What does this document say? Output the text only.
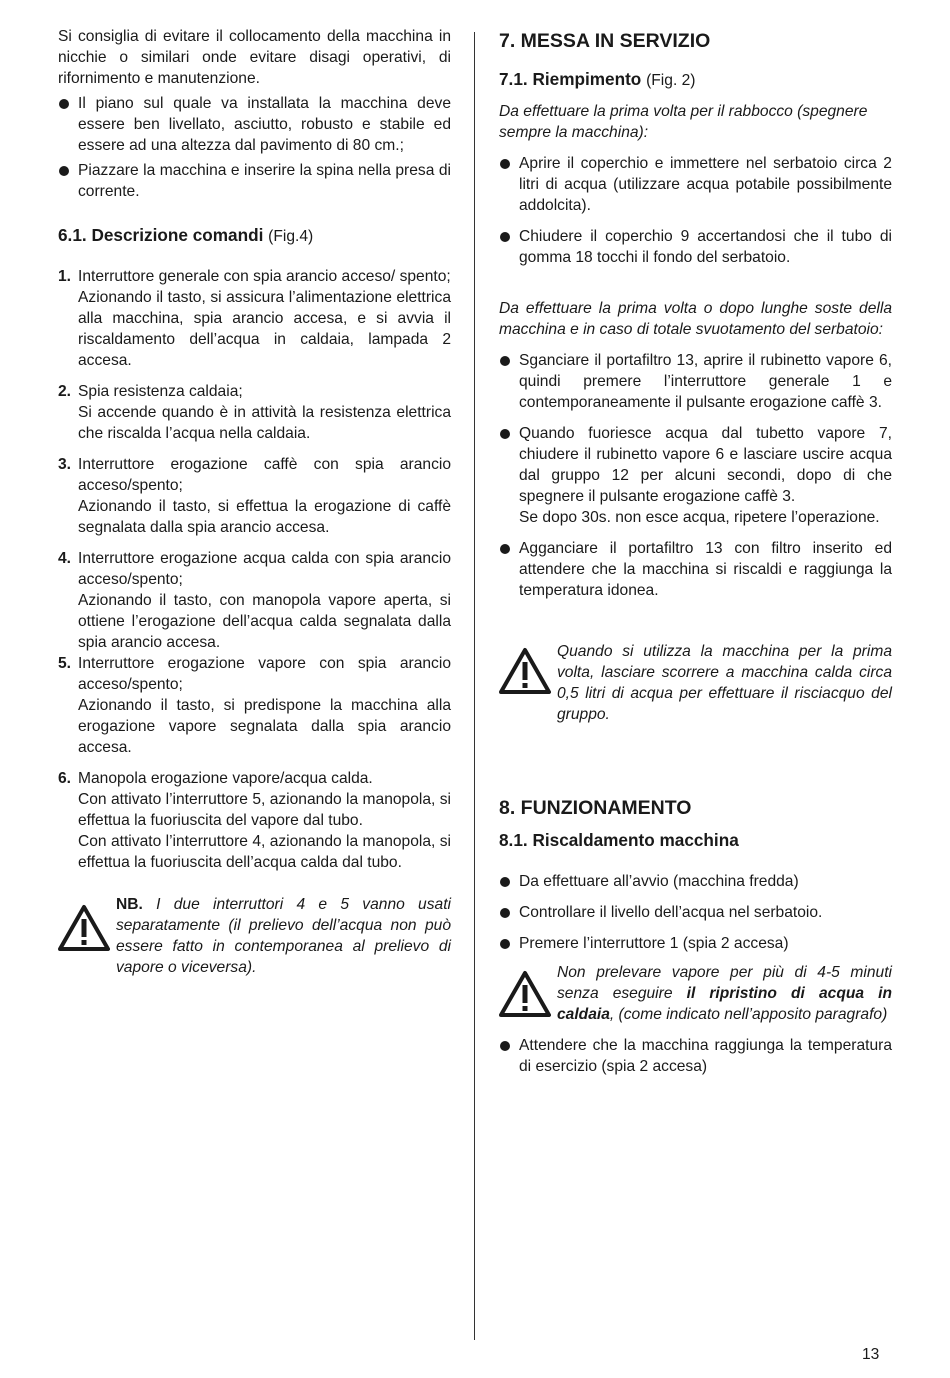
Si consiglia di evitare il collocamento della macchina in nicchie o similari onde evitare disagi operativi, di rifornimento e manutenzione.

Il piano sul quale va installata la macchina deve essere ben livellato, asciutto, robusto e stabile ed essere ad una altezza dal pavimento di 80 cm.;

Piazzare la macchina e inserire la spina nella presa di corrente.

6.1. Descrizione comandi (Fig.4)

1. Interruttore generale con spia arancio acceso/ spento;

Azionando il tasto, si assicura l’alimentazione elettrica alla macchina, spia arancio accesa, e si avvia il riscaldamento dell’acqua in caldaia, lampada 2 accesa.

2. Spia resistenza caldaia;

Si accende quando è in attività la resistenza elettrica che riscalda l’acqua nella caldaia.

3. Interruttore erogazione caffè con spia arancio acceso/spento;

Azionando il tasto, si effettua la erogazione di caffè segnalata dalla spia arancio accesa.

4. Interruttore erogazione acqua calda con spia arancio acceso/spento;

Azionando il tasto, con manopola vapore aperta, si ottiene l’erogazione dell’acqua calda segnalata dalla spia arancio accesa.

5. Interruttore erogazione vapore con spia arancio acceso/spento;

Azionando il tasto, si predispone la macchina alla erogazione vapore segnalata dalla spia arancio accesa.

6. Manopola erogazione vapore/acqua calda.

Con attivato l’interruttore 5, azionando la manopola, si effettua la fuoriuscita del vapore dal tubo.

Con attivato l’interruttore 4, azionando la manopola, si effettua la fuoriuscita dell’acqua calda dal tubo.

NB. I due interruttori 4 e 5 vanno usati separatamente (il prelievo dell’acqua non può essere fatto in contemporanea al prelievo di vapore o viceversa).

7. MESSA IN SERVIZIO

7.1. Riempimento (Fig. 2)

Da effettuare la prima volta per il rabbocco (spegnere sempre la macchina):

Aprire il coperchio e immettere nel serbatoio circa 2 litri di acqua (utilizzare acqua potabile possibilmente addolcita).

Chiudere il coperchio 9 accertandosi che il tubo di gomma 18 tocchi il fondo del serbatoio.

Da effettuare la prima volta o dopo lunghe soste della macchina e in caso di totale svuotamento del serbatoio:

Sganciare il portafiltro 13, aprire il rubinetto vapore 6, quindi premere l’interruttore generale 1 e contemporaneamente il pulsante erogazione caffè 3.

Quando fuoriesce acqua dal tubetto vapore 7, chiudere il rubinetto vapore 6 e lasciare uscire acqua dal gruppo 12 per alcuni secondi, dopo di che spegnere il pulsante erogazione caffè 3.

Se dopo 30s. non esce acqua, ripetere l’operazione.

Agganciare il portafiltro 13 con filtro inserito ed attendere che la macchina si riscaldi e raggiunga la temperatura idonea.

Quando si utilizza la macchina per la prima volta, lasciare scorrere a macchina calda circa 0,5 litri di acqua per effettuare il risciacquo del gruppo.

8. FUNZIONAMENTO

8.1. Riscaldamento macchina

Da effettuare all’avvio (macchina fredda)

Controllare il livello dell’acqua nel serbatoio.

Premere l’interruttore 1 (spia 2 accesa)

Non prelevare vapore per più di 4-5 minuti senza eseguire il ripristino di acqua in caldaia, (come indicato nell’apposito paragrafo)

Attendere che la macchina raggiunga la temperatura di esercizio (spia 2 accesa)

13
